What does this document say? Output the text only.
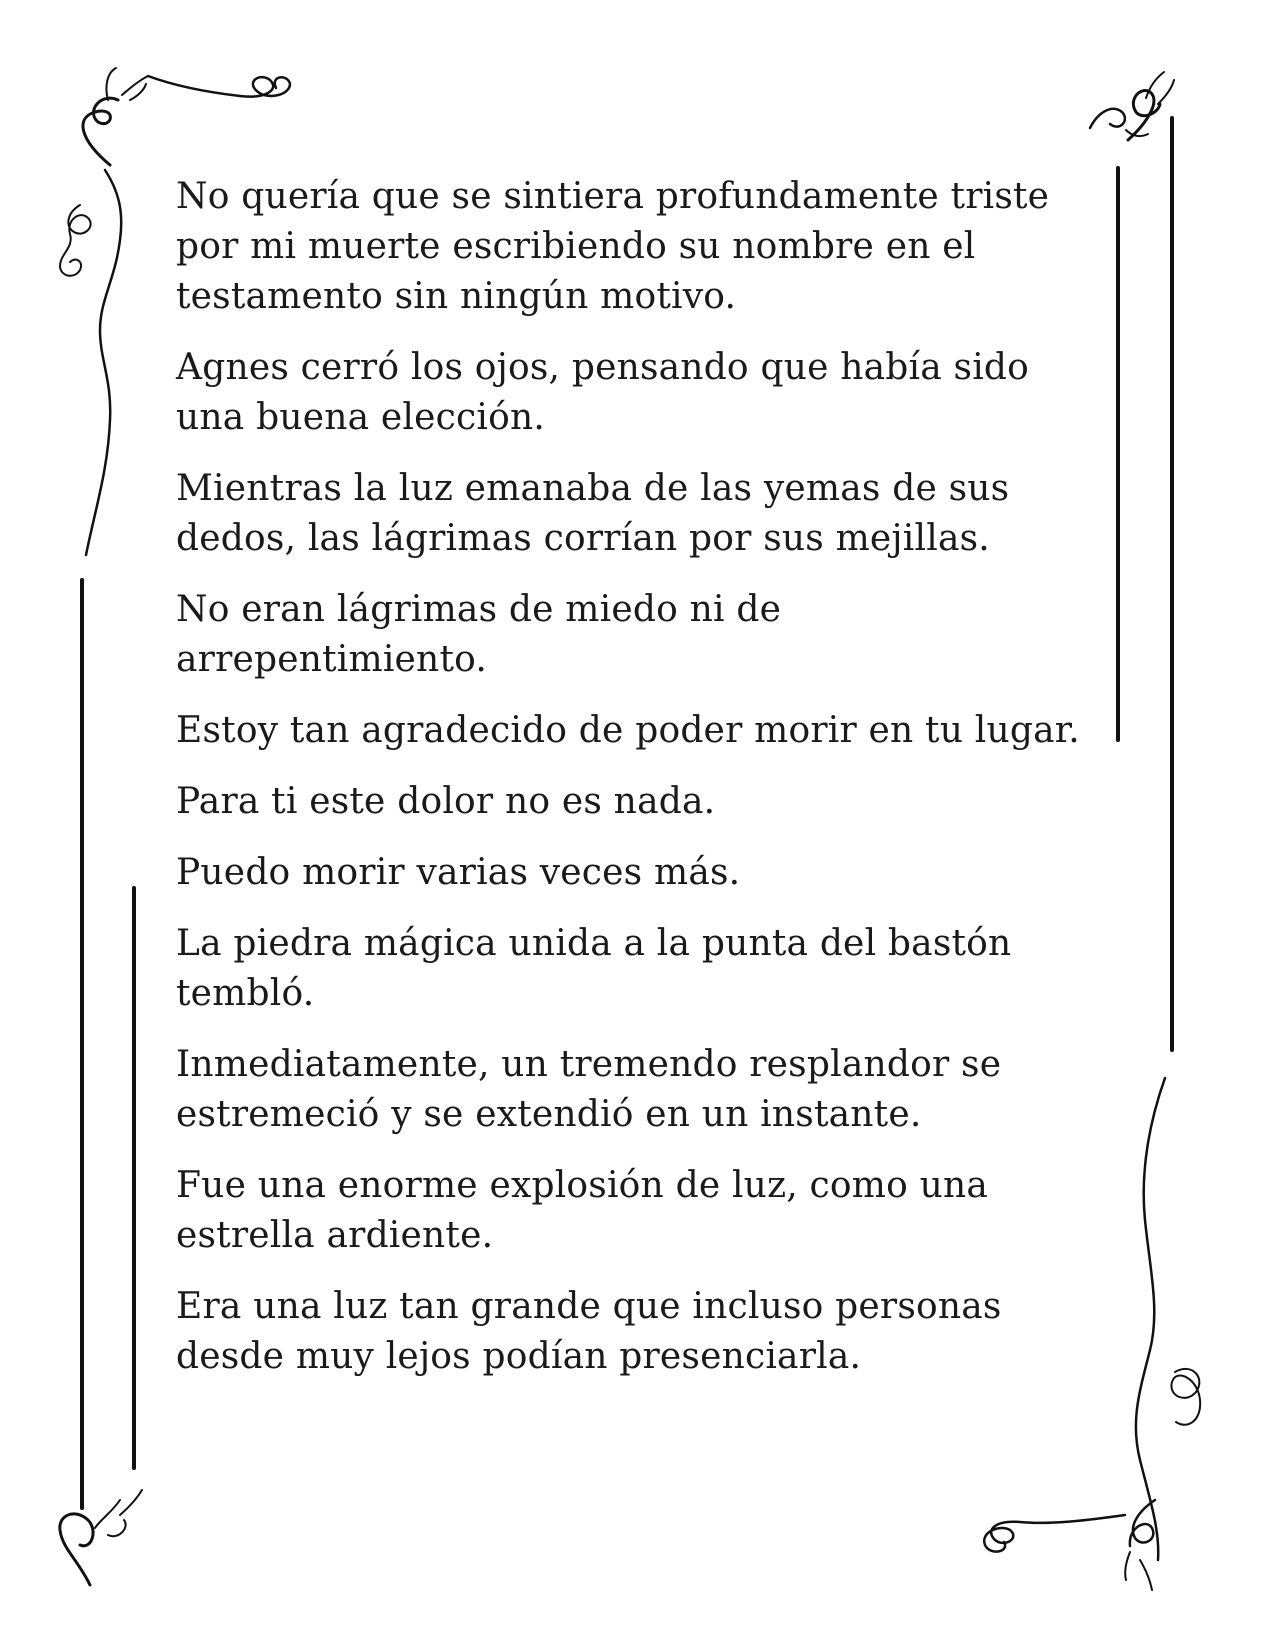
No quería que se sintiera profundamente triste por mi muerte escribiendo su nombre en el testamento sin ningún motivo.

Agnes cerró los ojos, pensando que había sido una buena elección.

Mientras la luz emanaba de las yemas de sus dedos, las lágrimas corrían por sus mejillas.

No eran lágrimas de miedo ni de arrepentimiento.

Estoy tan agradecido de poder morir en tu lugar.

Para ti este dolor no es nada.

Puedo morir varias veces más.

La piedra mágica unida a la punta del bastón tembló.

Inmediatamente, un tremendo resplandor se estremeció y se extendió en un instante.

Fue una enorme explosión de luz, como una estrella ardiente.

Era una luz tan grande que incluso personas desde muy lejos podían presenciarla.
